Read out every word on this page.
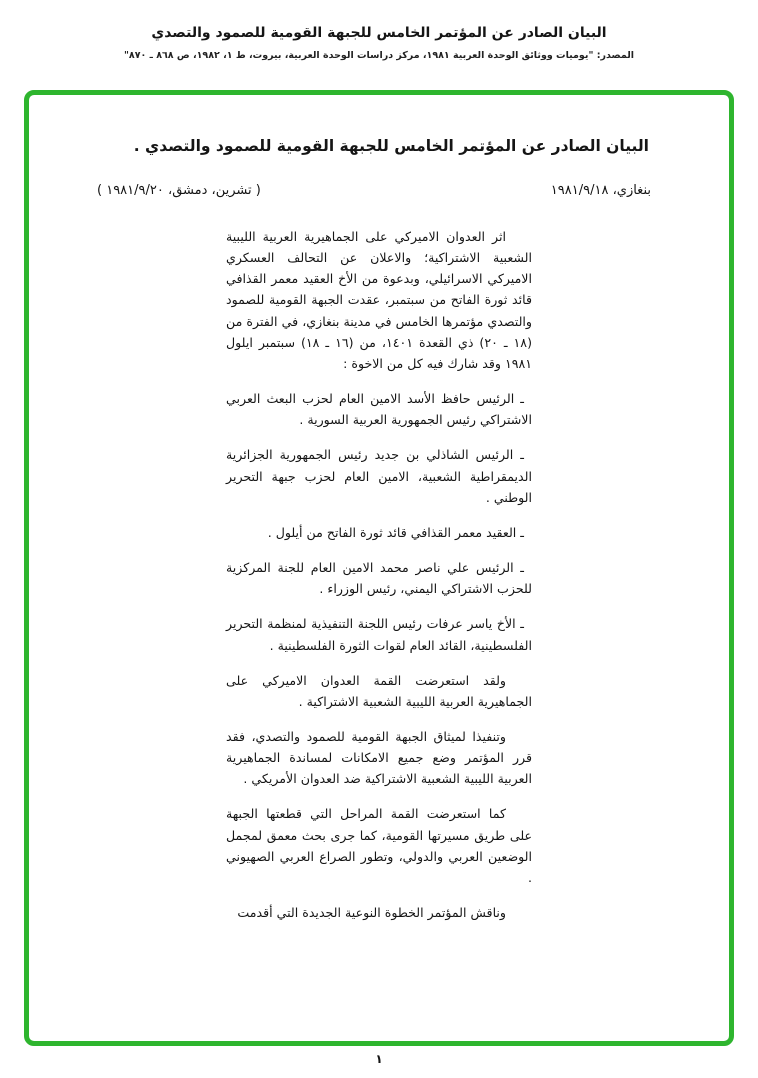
البيان الصادر عن المؤتمر الخامس للجبهة القومية للصمود والتصدي
المصدر: "يوميات ووثائق الوحدة العربية ١٩٨١، مركز دراسات الوحدة العربية، بيروت، ط ١، ١٩٨٢، ص ٨٦٨ ـ ٨٧٠"
البيان الصادر عن المؤتمر الخامس للجبهة القومية للصمود والتصدي .
بنغازي، ١٩٨١/٩/١٨
( تشرين، دمشق، ١٩٨١/٩/٢٠ )

اثر العدوان الاميركي على الجماهيرية العربية الليبية الشعبية الاشتراكية؛ والاعلان عن التحالف العسكري الاميركي الاسرائيلي، وبدعوة من الأخ العقيد معمر القذافي قائد ثورة الفاتح من سبتمبر، عقدت الجبهة القومية للصمود والتصدي مؤتمرها الخامس في مدينة بنغازي، في الفترة من (١٨ ـ ٢٠) ذي القعدة ١٤٠١، من (١٦ ـ ١٨) سبتمبر ايلول ١٩٨١ وقد شارك فيه كل من الاخوة :

ـ الرئيس حافظ الأسد الامين العام لحزب البعث العربي الاشتراكي رئيس الجمهورية العربية السورية .

ـ الرئيس الشاذلي بن جديد رئيس الجمهورية الجزائرية الديمقراطية الشعبية، الامين العام لحزب جبهة التحرير الوطني .

ـ العقيد معمر القذافي قائد ثورة الفاتح من أيلول .

ـ الرئيس علي ناصر محمد الامين العام للجنة المركزية للحزب الاشتراكي اليمني، رئيس الوزراء .

ـ الأخ ياسر عرفات رئيس اللجنة التنفيذية لمنظمة التحرير الفلسطينية، القائد العام لقوات الثورة الفلسطينية .

ولقد استعرضت القمة العدوان الاميركي على الجماهيرية العربية الليبية الشعبية الاشتراكية .

وتنفيذا لميثاق الجبهة القومية للصمود والتصدي، فقد قرر المؤتمر وضع جميع الامكانات لمساندة الجماهيرية العربية الليبية الشعبية الاشتراكية ضد العدوان الأمريكي .

كما استعرضت القمة المراحل التي قطعتها الجبهة على طريق مسيرتها القومية، كما جرى بحث معمق لمجمل الوضعين العربي والدولي، وتطور الصراع العربي الصهيوني .

وناقش المؤتمر الخطوة النوعية الجديدة التي أقدمت

١
